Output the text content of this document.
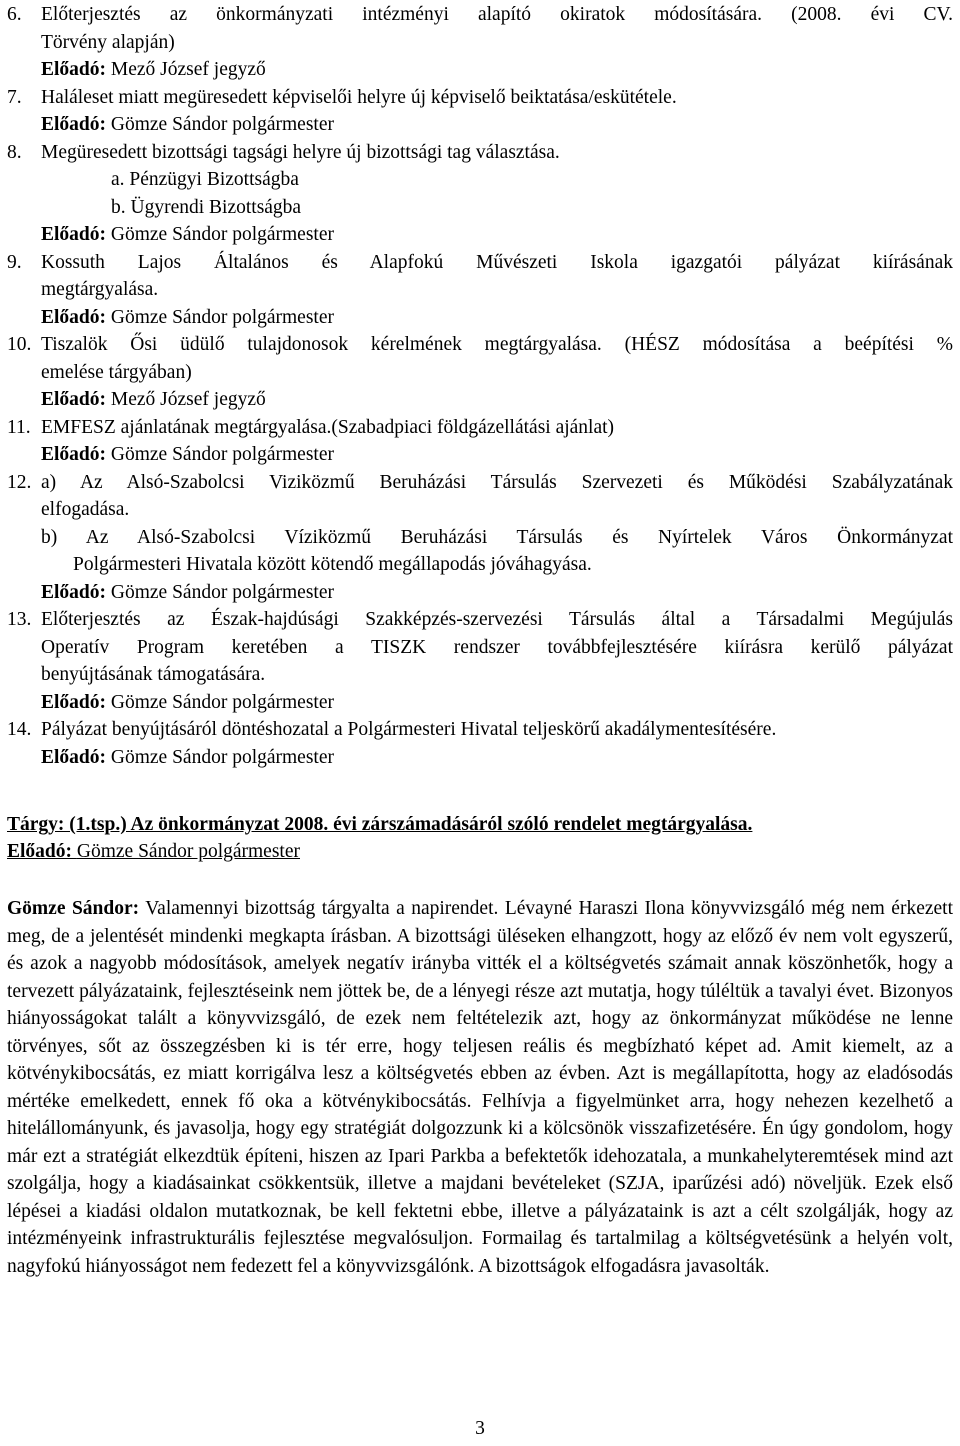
6. Előterjesztés az önkormányzati intézményi alapító okiratok módosítására. (2008. évi CV.
Törvény alapján)
Előadó: Mező József jegyző
7. Haláleset miatt megüresedett képviselői helyre új képviselő beiktatása/eskütétele.
Előadó: Gömze Sándor polgármester
8. Megüresedett bizottsági tagsági helyre új bizottsági tag választása.
a. Pénzügyi Bizottságba
b. Ügyrendi Bizottságba
Előadó: Gömze Sándor polgármester
9. Kossuth Lajos Általános és Alapfokú Művészeti Iskola igazgatói pályázat kiírásának
megtárgyalása.
Előadó: Gömze Sándor polgármester
10. Tiszalök Ősi üdülő tulajdonosok kérelmének megtárgyalása. (HÉSZ módosítása a beépítési %
emelése tárgyában)
Előadó: Mező József jegyző
11. EMFESZ ajánlatának megtárgyalása.(Szabadpiaci földgázellátási ajánlat)
Előadó: Gömze Sándor polgármester
12. a) Az Alsó-Szabolcsi Viziközmű Beruházási Társulás Szervezeti és Működési Szabályzatának
elfogadása.
b) Az Alsó-Szabolcsi Víziközmű Beruházási Társulás és Nyírtelek Város Önkormányzat
Polgármesteri Hivatala között kötendő megállapodás jóváhagyása.
Előadó: Gömze Sándor polgármester
13. Előterjesztés az Észak-hajdúsági Szakképzés-szervezési Társulás által a Társadalmi Megújulás
Operatív Program keretében a TISZK rendszer továbbfejlesztésére kiírásra kerülő pályázat
benyújtásának támogatására.
Előadó: Gömze Sándor polgármester
14. Pályázat benyújtásáról döntéshozatal a Polgármesteri Hivatal teljeskörű akadálymentesítésére.
Előadó: Gömze Sándor polgármester
Tárgy: (1.tsp.) Az önkormányzat 2008. évi zárszámadásáról szóló rendelet megtárgyalása.
Előadó: Gömze Sándor polgármester
Gömze Sándor: Valamennyi bizottság tárgyalta a napirendet. Lévayné Haraszi Ilona könyvvizsgáló még nem érkezett meg, de a jelentését mindenki megkapta írásban. A bizottsági üléseken elhangzott, hogy az előző év nem volt egyszerű, és azok a nagyobb módosítások, amelyek negatív irányba vitték el a költségvetés számait annak köszönhetők, hogy a tervezett pályázataink, fejlesztéseink nem jöttek be, de a lényegi része azt mutatja, hogy túléltük a tavalyi évet. Bizonyos hiányosságokat talált a könyvvizsgáló, de ezek nem feltételezik azt, hogy az önkormányzat működése ne lenne törvényes, sőt az összegzésben ki is tér erre, hogy teljesen reális és megbízható képet ad. Amit kiemelt, az a kötvénykibocsátás, ez miatt korrigálva lesz a költségvetés ebben az évben. Azt is megállapította, hogy az eladósodás mértéke emelkedett, ennek fő oka a kötvénykibocsátás. Felhívja a figyelmünket arra, hogy nehezen kezelhető a hitelállományunk, és javasolja, hogy egy stratégiát dolgozzunk ki a kölcsönök visszafizetésére. Én úgy gondolom, hogy már ezt a stratégiát elkezdtük építeni, hiszen az Ipari Parkba a befektetők idehozatala, a munkahelyteremtések mind azt szolgálja, hogy a kiadásainkat csökkentsük, illetve a majdani bevételeket (SZJA, iparűzési adó) növeljük. Ezek első lépései a kiadási oldalon mutatkoznak, be kell fektetni ebbe, illetve a pályázataink is azt a célt szolgálják, hogy az intézményeink infrastrukturális fejlesztése megvalósuljon. Formailag és tartalmilag a költségvetésünk a helyén volt, nagyfokú hiányosságot nem fedezett fel a könyvvizsgálónk. A bizottságok elfogadásra javasolták.
3
